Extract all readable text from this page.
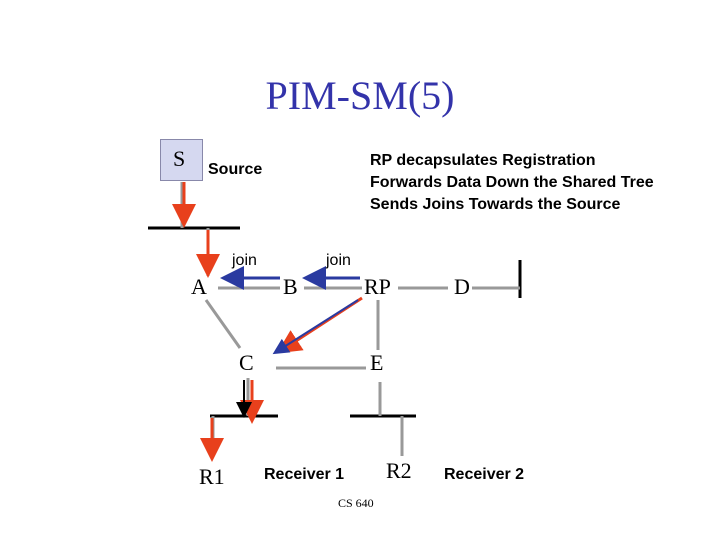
PIM-SM(5)
S Source
RP decapsulates Registration
Forwards Data Down the Shared Tree
Sends Joins Towards the Source
join	join
A	B	RP	D
C	E
R1	R2
Receiver 1	Receiver 2
CS 640
